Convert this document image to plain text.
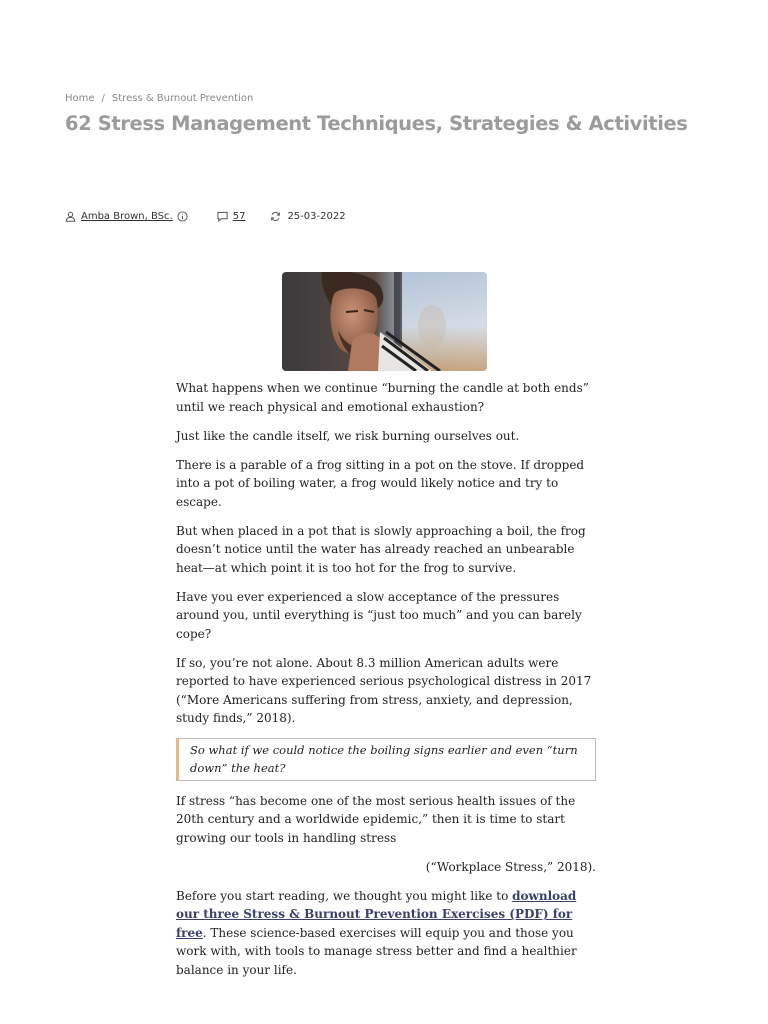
Home / Stress & Burnout Prevention
62 Stress Management Techniques, Strategies & Activities
Amba Brown, BSc.	57	25-03-2022

What happens when we continue “burning the candle at both ends” until we reach physical and emotional exhaustion?

Just like the candle itself, we risk burning ourselves out.

There is a parable of a frog sitting in a pot on the stove. If dropped into a pot of boiling water, a frog would likely notice and try to escape.

But when placed in a pot that is slowly approaching a boil, the frog doesn’t notice until the water has already reached an unbearable heat—at which point it is too hot for the frog to survive.

Have you ever experienced a slow acceptance of the pressures around you, until everything is “just too much” and you can barely cope?

If so, you’re not alone. About 8.3 million American adults were reported to have experienced serious psychological distress in 2017 (“More Americans suffering from stress, anxiety, and depression, study finds,” 2018).

So what if we could notice the boiling signs earlier and even “turn down” the heat?

If stress “has become one of the most serious health issues of the 20th century and a worldwide epidemic,” then it is time to start growing our tools in handling stress

(“Workplace Stress,” 2018).

Before you start reading, we thought you might like to download our three Stress & Burnout Prevention Exercises (PDF) for free. These science-based exercises will equip you and those you work with, with tools to manage stress better and find a healthier balance in your life.
